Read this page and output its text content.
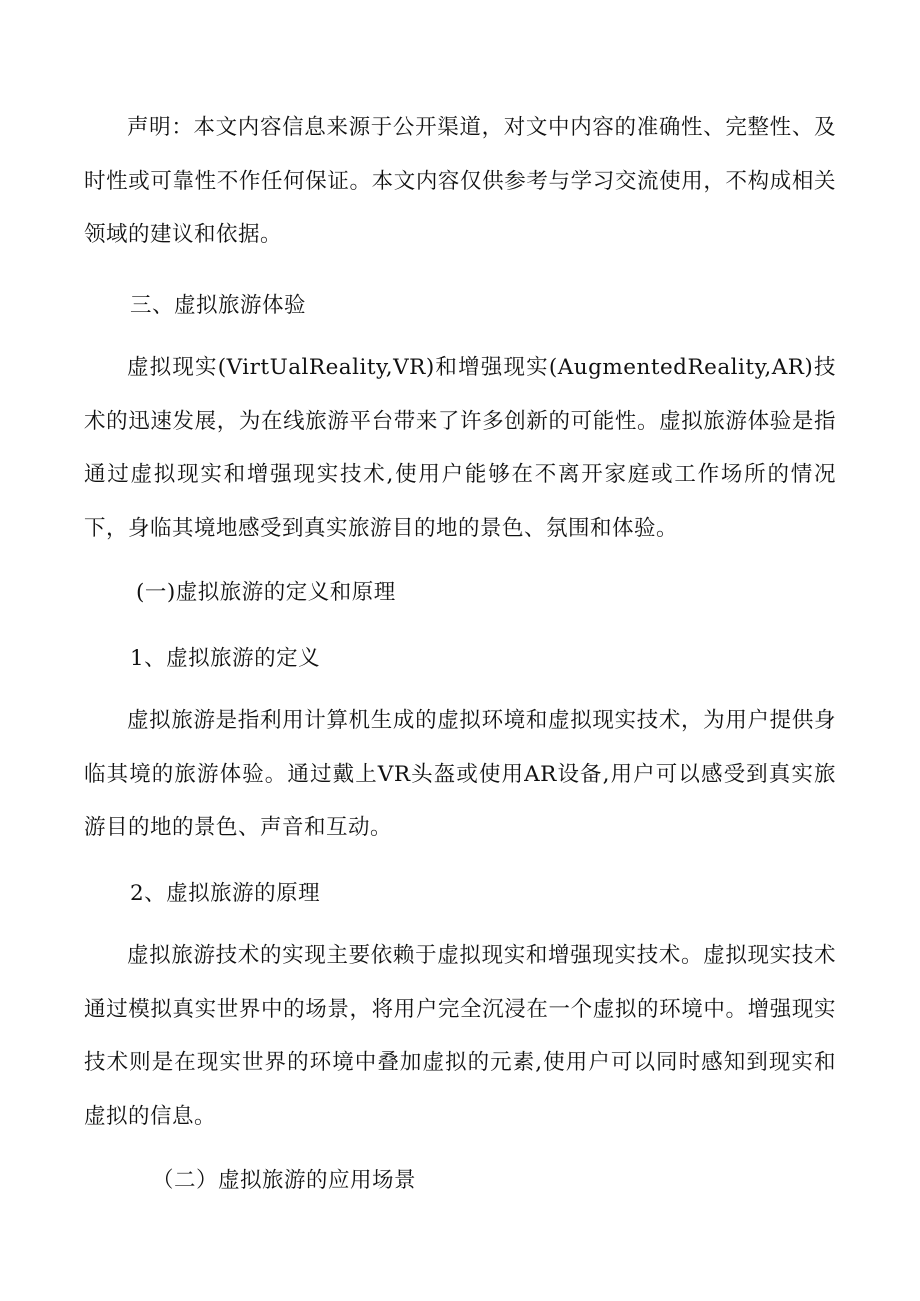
声明：本文内容信息来源于公开渠道，对文中内容的准确性、完整性、及时性或可靠性不作任何保证。本文内容仅供参考与学习交流使用，不构成相关领域的建议和依据。

三、虚拟旅游体验

虚拟现实(VirtUalReality,VR)和增强现实(AugmentedReality,AR)技术的迅速发展，为在线旅游平台带来了许多创新的可能性。虚拟旅游体验是指通过虚拟现实和增强现实技术,使用户能够在不离开家庭或工作场所的情况下，身临其境地感受到真实旅游目的地的景色、氛围和体验。

(一)虚拟旅游的定义和原理

1、虚拟旅游的定义

虚拟旅游是指利用计算机生成的虚拟环境和虚拟现实技术，为用户提供身临其境的旅游体验。通过戴上VR头盔或使用AR设备,用户可以感受到真实旅游目的地的景色、声音和互动。

2、虚拟旅游的原理

虚拟旅游技术的实现主要依赖于虚拟现实和增强现实技术。虚拟现实技术通过模拟真实世界中的场景，将用户完全沉浸在一个虚拟的环境中。增强现实技术则是在现实世界的环境中叠加虚拟的元素,使用户可以同时感知到现实和虚拟的信息。

（二）虚拟旅游的应用场景
